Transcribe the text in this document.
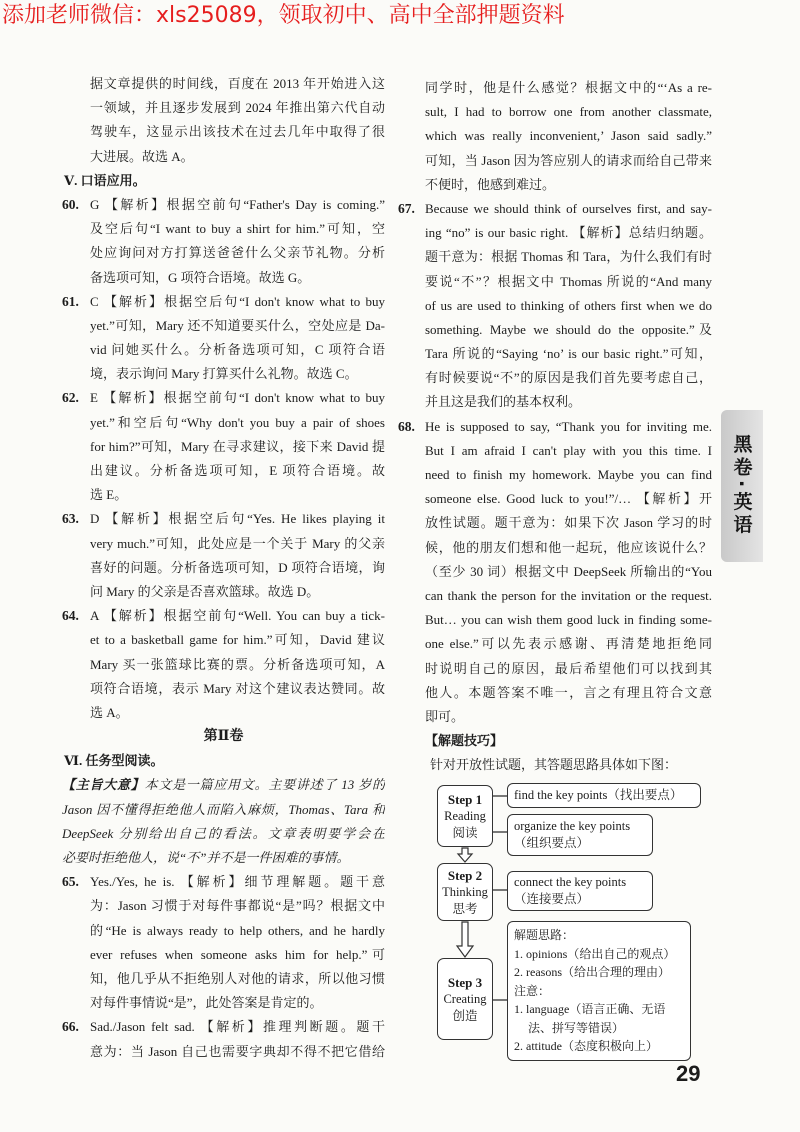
添加老师微信：xls25089，领取初中、高中全部押题资料
据文章提供的时间线，百度在 2013 年开始进入这
一领域，并且逐步发展到 2024 年推出第六代自动
驾驶车，这显示出该技术在过去几年中取得了很
大进展。故选 A。
Ⅴ. 口语应用。
60. G 【解析】根据空前句“Father's Day is coming.”
及空后句“I want to buy a shirt for him.”可知，空
处应询问对方打算送爸爸什么父亲节礼物。分析
备选项可知，G 项符合语境。故选 G。
61. C 【解析】根据空后句“I don't know what to buy
yet.”可知，Mary 还不知道要买什么，空处应是 Da-
vid 问她买什么。分析备选项可知，C 项符合语
境，表示询问 Mary 打算买什么礼物。故选 C。
62. E 【解析】根据空前句“I don't know what to buy
yet.”和空后句“Why don't you buy a pair of shoes
for him?”可知，Mary 在寻求建议，接下来 David 提
出建议。分析备选项可知，E 项符合语境。故
选 E。
63. D 【解析】根据空后句“Yes. He likes playing it
very much.”可知，此处应是一个关于 Mary 的父亲
喜好的问题。分析备选项可知，D 项符合语境，询
问 Mary 的父亲是否喜欢篮球。故选 D。
64. A 【解析】根据空前句“Well. You can buy a tick-
et to a basketball game for him.”可知，David 建议
Mary 买一张篮球比赛的票。分析备选项可知，A
项符合语境，表示 Mary 对这个建议表达赞同。故
选 A。
第Ⅱ卷
Ⅵ. 任务型阅读。
【主旨大意】本文是一篇应用文。主要讲述了 13 岁的
Jason 因不懂得拒绝他人而陷入麻烦，Thomas、Tara 和
DeepSeek 分别给出自己的看法。文章表明要学会在
必要时拒绝他人，说“不”并不是一件困难的事情。
65. Yes./Yes, he is. 【解析】细节理解题。题干意
为：Jason 习惯于对每件事都说“是”吗？根据文中
的“He is always ready to help others, and he hardly
ever refuses when someone asks him for help.”可
知，他几乎从不拒绝别人对他的请求，所以他习惯
对每件事情说“是”，此处答案是肯定的。
66. Sad./Jason felt sad. 【解析】推理判断题。题干
意为：当 Jason 自己也需要字典却不得不把它借给
同学时，他是什么感觉？根据文中的“‘As a re-
sult, I had to borrow one from another classmate,
which was really inconvenient,’ Jason said sadly.”
可知，当 Jason 因为答应别人的请求而给自己带来
不便时，他感到难过。
67. Because we should think of ourselves first, and say-
ing “no” is our basic right. 【解析】总结归纳题。
题干意为：根据 Thomas 和 Tara，为什么我们有时
要说“不”？根据文中 Thomas 所说的“And many
of us are used to thinking of others first when we do
something. Maybe we should do the opposite.”及
Tara 所说的“Saying ‘no’ is our basic right.”可知，
有时候要说“不”的原因是我们首先要考虑自己，
并且这是我们的基本权利。
68. He is supposed to say, “Thank you for inviting me.
But I am afraid I can't play with you this time. I
need to finish my homework. Maybe you can find
someone else. Good luck to you!”/… 【解析】开
放性试题。题干意为：如果下次 Jason 学习的时
候，他的朋友们想和他一起玩，他应该说什么？
（至少 30 词）根据文中 DeepSeek 所输出的“You
can thank the person for the invitation or the request.
But… you can wish them good luck in finding some-
one else.”可以先表示感谢、再清楚地拒绝同
时说明自己的原因，最后希望他们可以找到其
他人。本题答案不唯一，言之有理且符合文意
即可。
【解题技巧】
针对开放性试题，其答题思路具体如下图：
Step 1
Reading
阅读
find the key points（找出要点）
organize the key points
（组织要点）
Step 2
Thinking
思考
connect the key points
（连接要点）
Step 3
Creating
创造
解题思路：
1. opinions（给出自己的观点）
2. reasons（给出合理的理由）
注意：
1. language（语言正确、无语
法、拼写等错误）
2. attitude（态度积极向上）
黑卷·英语
29
